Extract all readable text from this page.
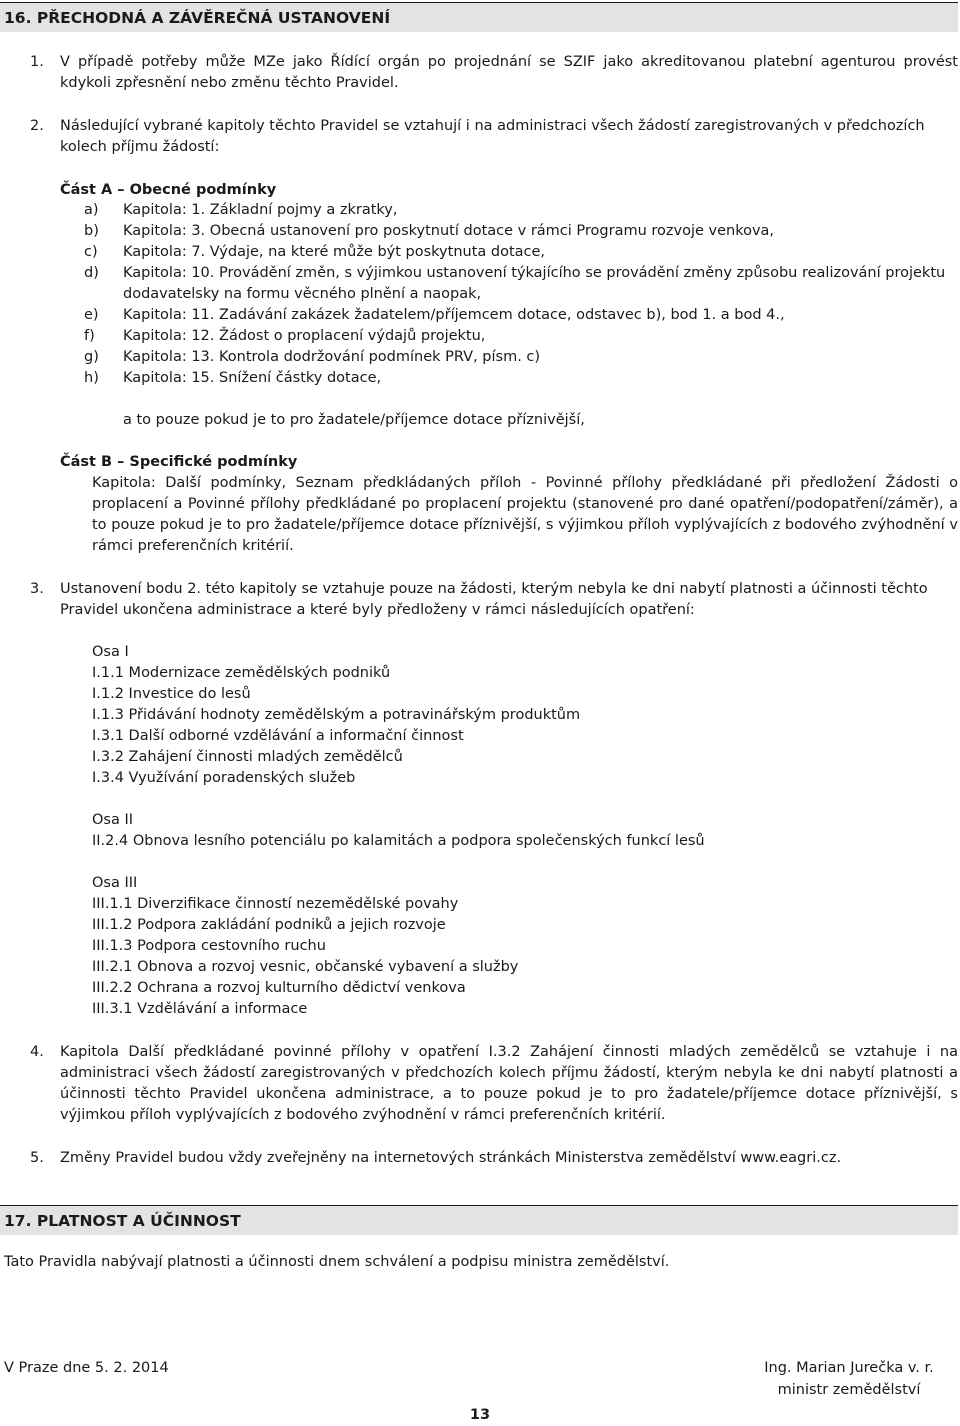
16. PŘECHODNÁ A ZÁVĚREČNÁ USTANOVENÍ
1. V případě potřeby může MZe jako Řídící orgán po projednání se SZIF jako akreditovanou platební agenturou provést kdykoli zpřesnění nebo změnu těchto Pravidel.
2. Následující vybrané kapitoly těchto Pravidel se vztahují i na administraci všech žádostí zaregistrovaných v předchozích kolech příjmu žádostí:
Část A – Obecné podmínky
a) Kapitola: 1. Základní pojmy a zkratky,
b) Kapitola: 3. Obecná ustanovení pro poskytnutí dotace v rámci Programu rozvoje venkova,
c) Kapitola: 7. Výdaje, na které může být poskytnuta dotace,
d) Kapitola: 10. Provádění změn, s výjimkou ustanovení týkajícího se provádění změny způsobu realizování projektu dodavatelsky na formu věcného plnění a naopak,
e) Kapitola: 11. Zadávání zakázek žadatelem/příjemcem dotace, odstavec b), bod 1. a bod 4.,
f) Kapitola: 12. Žádost o proplacení výdajů projektu,
g) Kapitola: 13. Kontrola dodržování podmínek PRV, písm. c)
h) Kapitola: 15. Snížení částky dotace,
a to pouze pokud je to pro žadatele/příjemce dotace příznivější,
Část B – Specifické podmínky
Kapitola: Další podmínky, Seznam předkládaných příloh - Povinné přílohy předkládané při předložení Žádosti o proplacení a Povinné přílohy předkládané po proplacení projektu (stanovené pro dané opatření/podopatření/záměr), a to pouze pokud je to pro žadatele/příjemce dotace příznivější, s výjimkou příloh vyplývajících z bodového zvýhodnění v rámci preferenčních kritérií.
3. Ustanovení bodu 2. této kapitoly se vztahuje pouze na žádosti, kterým nebyla ke dni nabytí platnosti a účinnosti těchto Pravidel ukončena administrace a které byly předloženy v rámci následujících opatření:
Osa I
I.1.1 Modernizace zemědělských podniků
I.1.2 Investice do lesů
I.1.3 Přidávání hodnoty zemědělským a potravinářským produktům
I.3.1 Další odborné vzdělávání a informační činnost
I.3.2 Zahájení činnosti mladých zemědělců
I.3.4 Využívání poradenských služeb
Osa II
II.2.4 Obnova lesního potenciálu po kalamitách a podpora společenských funkcí lesů
Osa III
III.1.1 Diverzifikace činností nezemědělské povahy
III.1.2 Podpora zakládání podniků a jejich rozvoje
III.1.3 Podpora cestovního ruchu
III.2.1 Obnova a rozvoj vesnic, občanské vybavení a služby
III.2.2 Ochrana a rozvoj kulturního dědictví venkova
III.3.1 Vzdělávání a informace
4. Kapitola Další předkládané povinné přílohy v opatření I.3.2 Zahájení činnosti mladých zemědělců se vztahuje i na administraci všech žádostí zaregistrovaných v předchozích kolech příjmu žádostí, kterým nebyla ke dni nabytí platnosti a účinnosti těchto Pravidel ukončena administrace, a to pouze pokud je to pro žadatele/příjemce dotace příznivější, s výjimkou příloh vyplývajících z bodového zvýhodnění v rámci preferenčních kritérií.
5. Změny Pravidel budou vždy zveřejněny na internetových stránkách Ministerstva zemědělství www.eagri.cz.
17. PLATNOST A ÚČINNOST
Tato Pravidla nabývají platnosti a účinnosti dnem schválení a podpisu ministra zemědělství.
V Praze dne 5. 2. 2014	Ing. Marian Jurečka v. r.
ministr zemědělství
13
